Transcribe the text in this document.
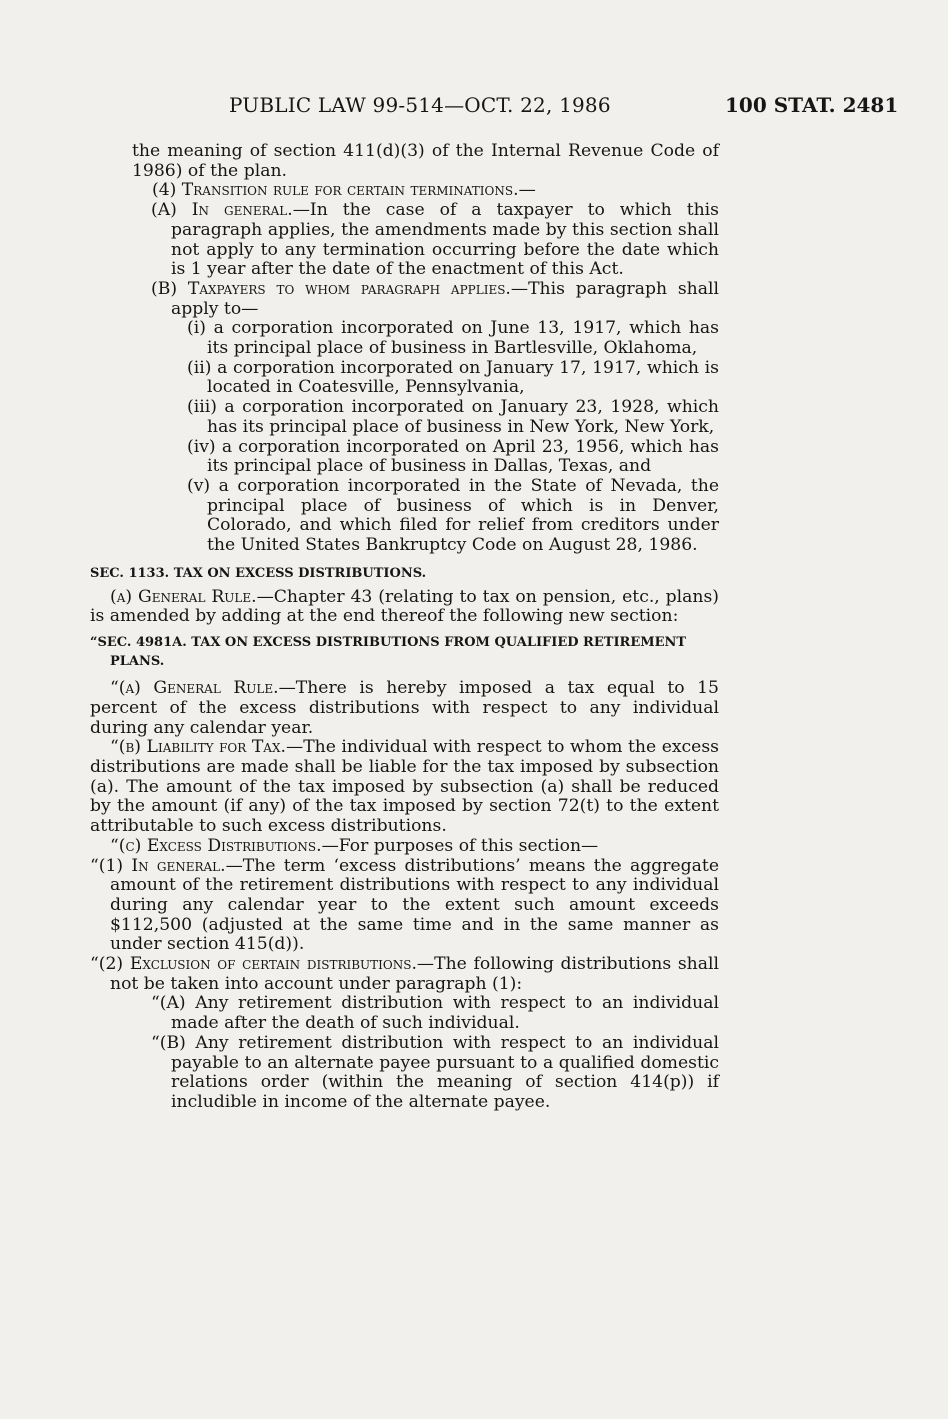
PUBLIC LAW 99-514—OCT. 22, 1986	100 STAT. 2481

the meaning of section 411(d)(3) of the Internal Revenue Code of 1986) of the plan.

(4) Transition rule for certain terminations.—

(A) In general.—In the case of a taxpayer to which this paragraph applies, the amendments made by this section shall not apply to any termination occurring before the date which is 1 year after the date of the enactment of this Act.

(B) Taxpayers to whom paragraph applies.—This paragraph shall apply to—

(i) a corporation incorporated on June 13, 1917, which has its principal place of business in Bartlesville, Oklahoma,

(ii) a corporation incorporated on January 17, 1917, which is located in Coatesville, Pennsylvania,

(iii) a corporation incorporated on January 23, 1928, which has its principal place of business in New York, New York,

(iv) a corporation incorporated on April 23, 1956, which has its principal place of business in Dallas, Texas, and

(v) a corporation incorporated in the State of Nevada, the principal place of business of which is in Denver, Colorado, and which filed for relief from creditors under the United States Bankruptcy Code on August 28, 1986.

SEC. 1133. TAX ON EXCESS DISTRIBUTIONS.

(a) General Rule.—Chapter 43 (relating to tax on pension, etc., plans) is amended by adding at the end thereof the following new section:

“SEC. 4981A. TAX ON EXCESS DISTRIBUTIONS FROM QUALIFIED RETIREMENT PLANS.

“(a) General Rule.—There is hereby imposed a tax equal to 15 percent of the excess distributions with respect to any individual during any calendar year.

“(b) Liability for Tax.—The individual with respect to whom the excess distributions are made shall be liable for the tax imposed by subsection (a). The amount of the tax imposed by subsection (a) shall be reduced by the amount (if any) of the tax imposed by section 72(t) to the extent attributable to such excess distributions.

“(c) Excess Distributions.—For purposes of this section—

“(1) In general.—The term ‘excess distributions’ means the aggregate amount of the retirement distributions with respect to any individual during any calendar year to the extent such amount exceeds $112,500 (adjusted at the same time and in the same manner as under section 415(d)).

“(2) Exclusion of certain distributions.—The following distributions shall not be taken into account under paragraph (1):

“(A) Any retirement distribution with respect to an individual made after the death of such individual.

“(B) Any retirement distribution with respect to an individual payable to an alternate payee pursuant to a qualified domestic relations order (within the meaning of section 414(p)) if includible in income of the alternate payee.
